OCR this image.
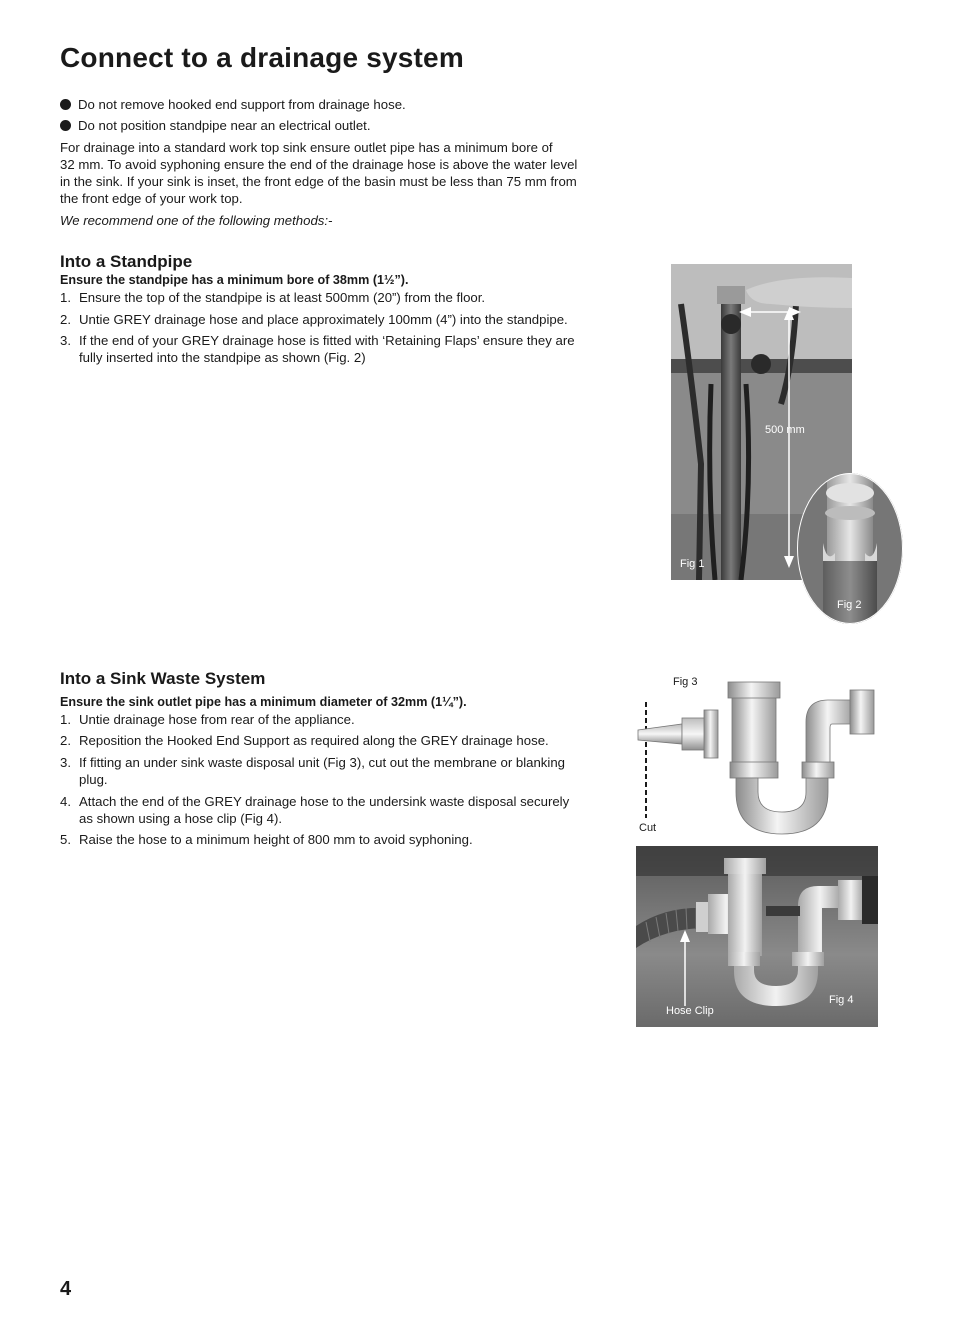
Connect to a drainage system
Do not remove hooked end support from drainage hose.
Do not position standpipe near an electrical outlet.
For drainage into a standard work top sink ensure outlet pipe has a minimum bore of
32 mm. To avoid syphoning ensure the end of the drainage hose is above the water level
in the sink. If your sink is inset, the front edge of the basin must be less than 75 mm from
the front edge of your work top.
We recommend one of the following methods:-
Into a Standpipe
Ensure the standpipe has a minimum bore of 38mm (1½”).
1. Ensure the top of the standpipe is at least 500mm (20”) from the floor.
2. Untie GREY drainage hose and place approximately 100mm (4”) into the standpipe.
3. If the end of your GREY drainage hose is fitted with ‘Retaining Flaps’ ensure they are
fully inserted into the standpipe as shown (Fig. 2)
500 mm
Fig 1
Fig 2
Into a Sink Waste System
Ensure the sink outlet pipe has a minimum diameter of 32mm (1¼”).
1. Untie drainage hose from rear of the appliance.
2. Reposition the Hooked End Support as required along the GREY drainage hose.
3. If fitting an under sink waste disposal unit (Fig 3), cut out the membrane or blanking
plug.
4. Attach the end of the GREY drainage hose to the undersink waste disposal securely
as shown using a hose clip (Fig 4).
5. Raise the hose to a minimum height of 800 mm to avoid syphoning.
Fig 3
Cut
Fig 4
Hose Clip
4
